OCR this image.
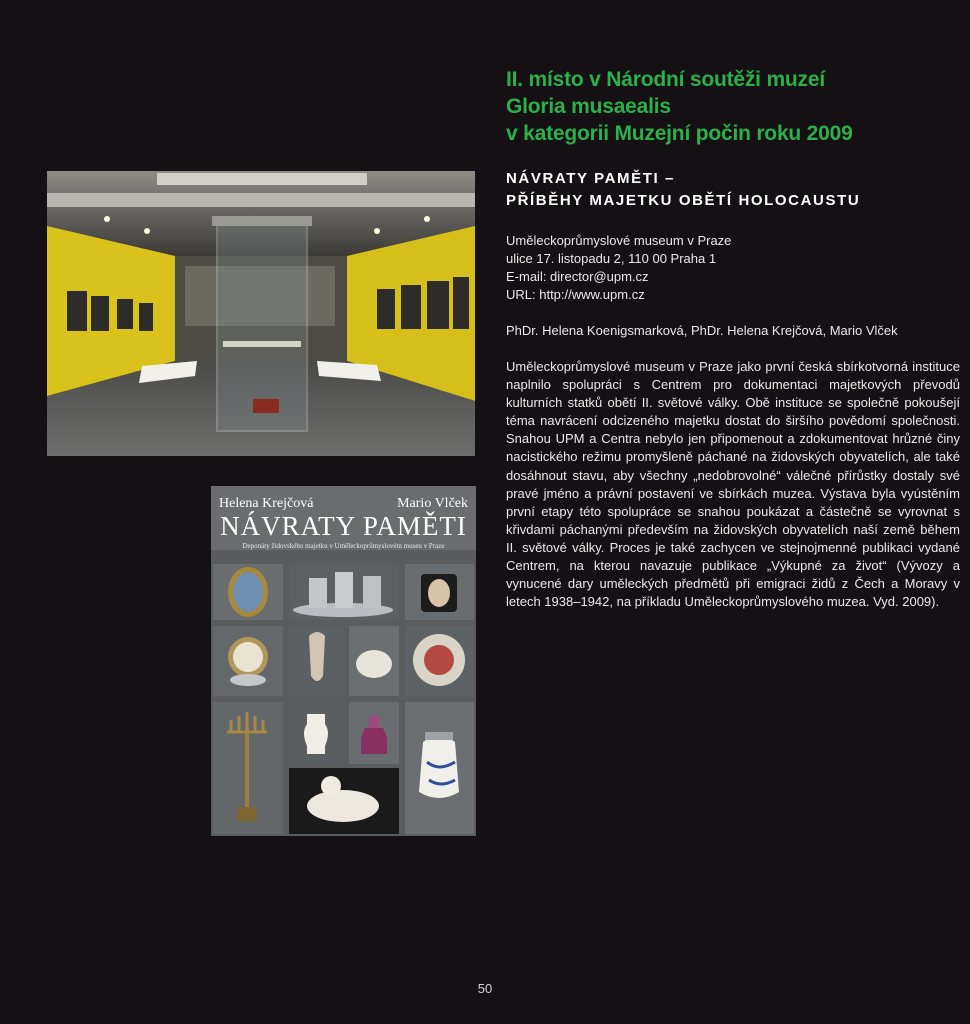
II. místo v Národní soutěži muzeí
Gloria musaealis
v kategorii Muzejní počin roku 2009
NÁVRATY PAMĚTI –
PŘÍBĚHY MAJETKU OBĚTÍ HOLOCAUSTU
Uměleckoprůmyslové museum v Praze
ulice 17. listopadu 2, 110 00 Praha 1
E-mail: director@upm.cz
URL: http://www.upm.cz
PhDr. Helena Koenigsmarková, PhDr. Helena Krejčová, Mario Vlček
Uměleckoprůmyslové museum v Praze jako první česká sbírkotvorná instituce naplnilo spolupráci s Centrem pro dokumentaci majetkových převodů kulturních statků obětí II. světové války. Obě instituce se společně pokoušejí téma navrácení odcizeného majetku dostat do širšího povědomí společnosti. Snahou UPM a Centra nebylo jen připomenout a zdokumentovat hrůzné činy nacistického režimu promyšleně páchané na židovských obyvatelích, ale také dosáhnout stavu, aby všechny „nedobrovolné“ válečné přírůstky dostaly své pravé jméno a právní postavení ve sbírkách muzea. Výstava byla vyústěním první etapy této spolupráce se snahou poukázat a částečně se vyrovnat s křivdami páchanými především na židovských obyvatelích naší země během II. světové války. Proces je také zachycen ve stejnojmenné publikaci vydané Centrem, na kterou navazuje publikace „Výkupné za život“ (Vývozy a vynucené dary uměleckých předmětů při emigraci židů z Čech a Moravy v letech 1938–1942, na příkladu Uměleckoprůmyslového muzea. Vyd. 2009).
Helena Krejčová	Mario Vlček
NÁVRATY PAMĚTI
Deponáty židovského majetku v Uměleckoprůmyslovém museu v Praze
50
